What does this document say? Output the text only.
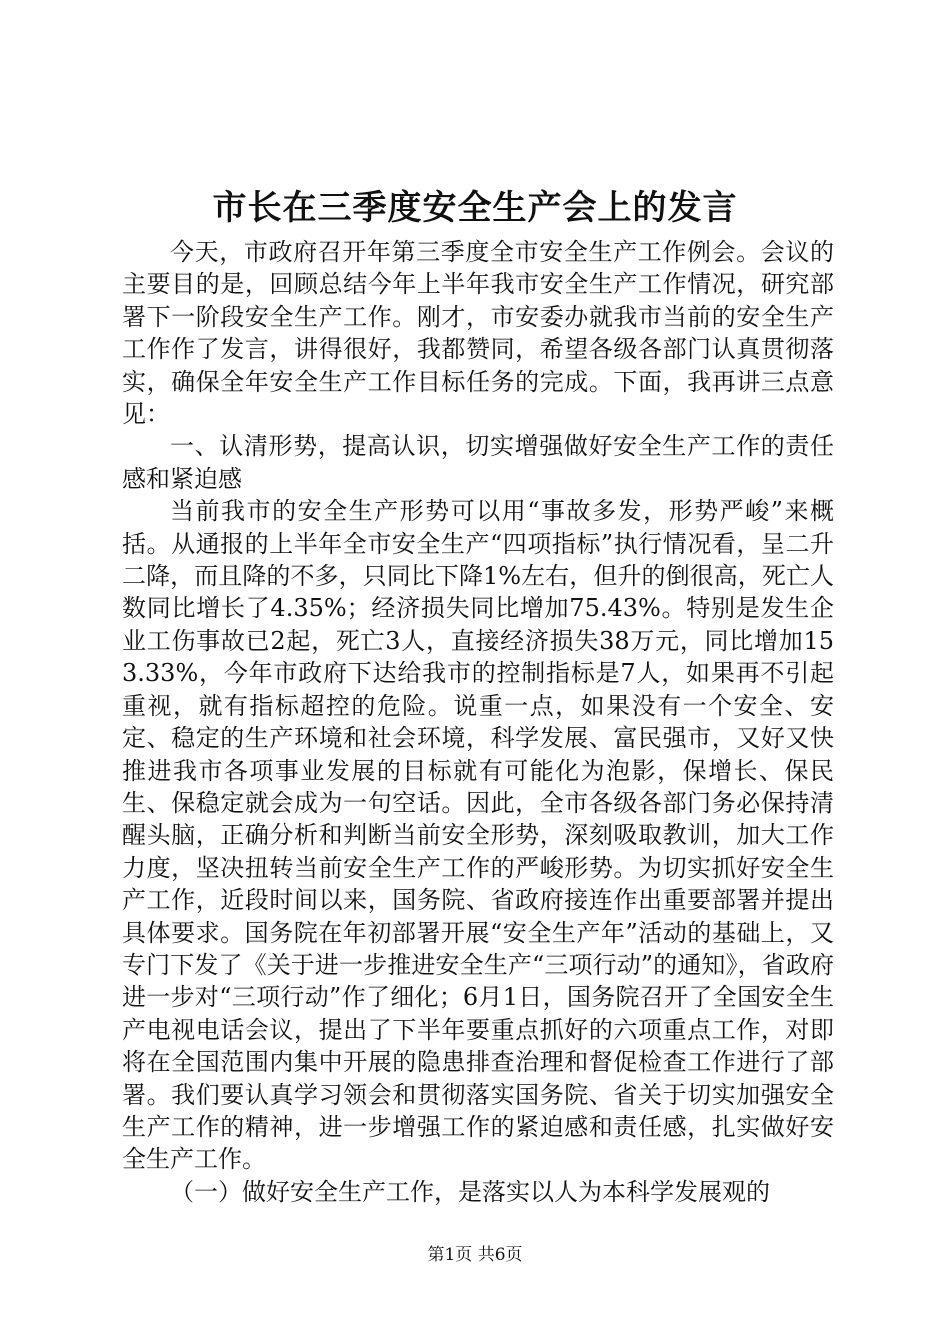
市长在三季度安全生产会上的发言

今天，市政府召开年第三季度全市安全生产工作例会。会议的主要目的是，回顾总结今年上半年我市安全生产工作情况，研究部署下一阶段安全生产工作。刚才，市安委办就我市当前的安全生产工作作了发言，讲得很好，我都赞同，希望各级各部门认真贯彻落实，确保全年安全生产工作目标任务的完成。下面，我再讲三点意见：

一、认清形势，提高认识，切实增强做好安全生产工作的责任感和紧迫感

当前我市的安全生产形势可以用“事故多发，形势严峻”来概括。从通报的上半年全市安全生产“四项指标”执行情况看，呈二升二降，而且降的不多，只同比下降1%左右，但升的倒很高，死亡人数同比增长了4.35%；经济损失同比增加75.43%。特别是发生企业工伤事故已2起，死亡3人，直接经济损失38万元，同比增加153.33%，今年市政府下达给我市的控制指标是7人，如果再不引起重视，就有指标超控的危险。说重一点，如果没有一个安全、安定、稳定的生产环境和社会环境，科学发展、富民强市，又好又快推进我市各项事业发展的目标就有可能化为泡影，保增长、保民生、保稳定就会成为一句空话。因此，全市各级各部门务必保持清醒头脑，正确分析和判断当前安全形势，深刻吸取教训，加大工作力度，坚决扭转当前安全生产工作的严峻形势。为切实抓好安全生产工作，近段时间以来，国务院、省政府接连作出重要部署并提出具体要求。国务院在年初部署开展“安全生产年”活动的基础上，又专门下发了《关于进一步推进安全生产“三项行动”的通知》，省政府进一步对“三项行动”作了细化；6月1日，国务院召开了全国安全生产电视电话会议，提出了下半年要重点抓好的六项重点工作，对即将在全国范围内集中开展的隐患排查治理和督促检查工作进行了部署。我们要认真学习领会和贯彻落实国务院、省关于切实加强安全生产工作的精神，进一步增强工作的紧迫感和责任感，扎实做好安全生产工作。

（一）做好安全生产工作，是落实以人为本科学发展观的

第1页 共6页
